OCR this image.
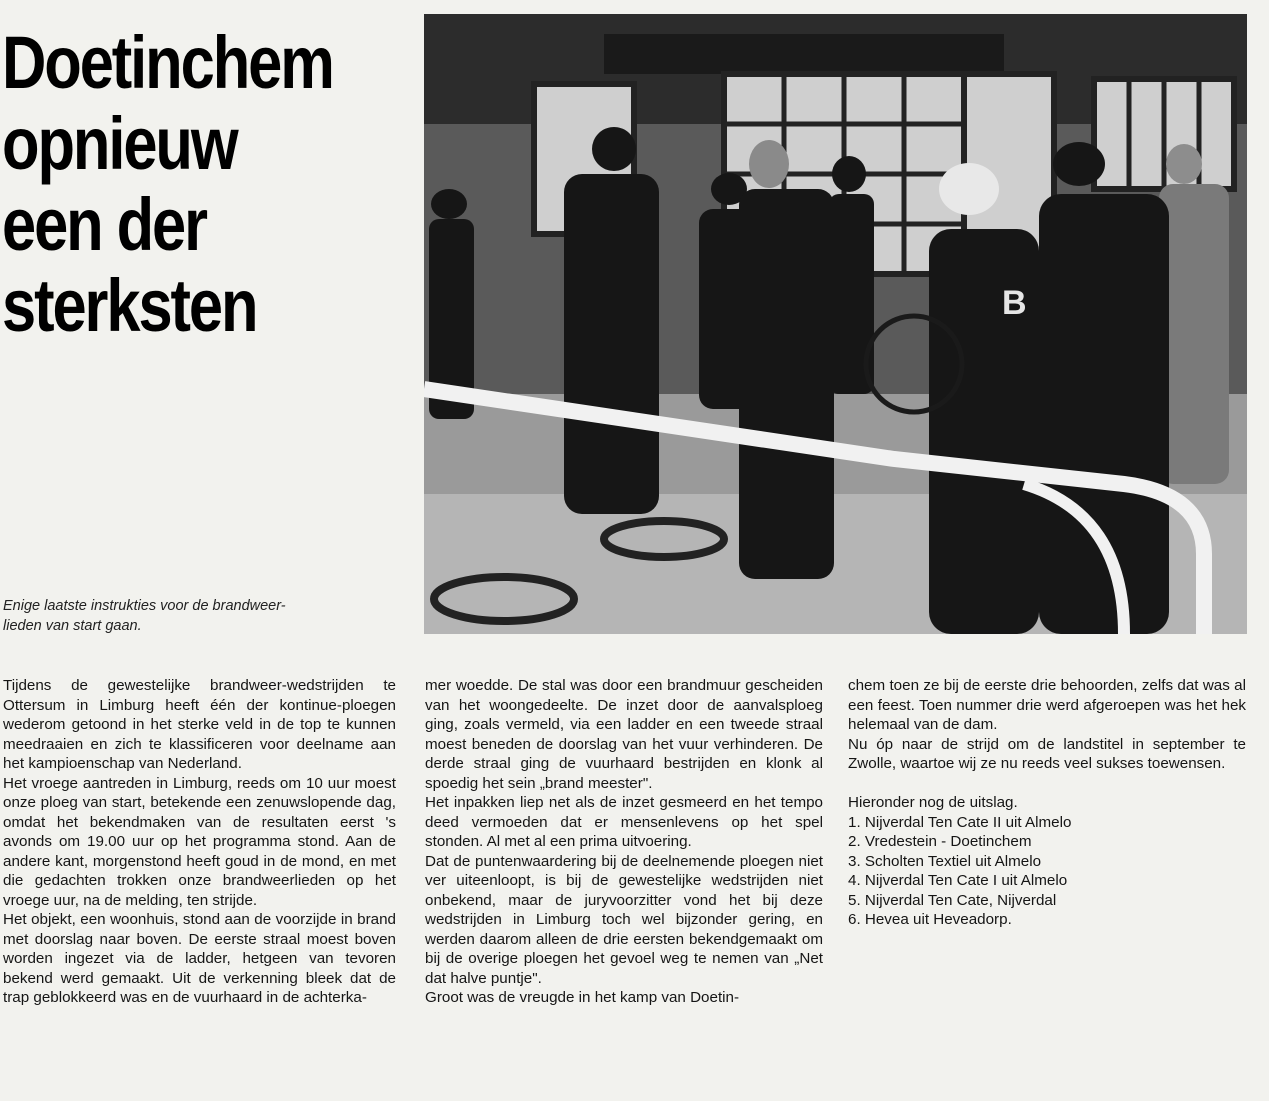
Doetinchem
opnieuw
een der
sterksten	B
Enige laatste instrukties voor de brandweer-
lieden van start gaan.

Tijdens de gewestelijke brandweer-wedstrijden te Ottersum in Limburg heeft één der kontinue-ploegen wederom getoond in het sterke veld in de top te kunnen meedraaien en zich te klassificeren voor deelname aan het kampioenschap van Nederland.

Het vroege aantreden in Limburg, reeds om 10 uur moest onze ploeg van start, betekende een zenuwslopende dag, omdat het bekendmaken van de resultaten eerst 's avonds om 19.00 uur op het programma stond. Aan de andere kant, morgenstond heeft goud in de mond, en met die gedachten trokken onze brandweerlieden op het vroege uur, na de melding, ten strijde.

Het objekt, een woonhuis, stond aan de voorzijde in brand met doorslag naar boven. De eerste straal moest boven worden ingezet via de ladder, hetgeen van tevoren bekend werd gemaakt. Uit de verkenning bleek dat de trap geblokkeerd was en de vuurhaard in de achterka-

mer woedde. De stal was door een brandmuur gescheiden van het woongedeelte. De inzet door de aanvalsploeg ging, zoals vermeld, via een ladder en een tweede straal moest beneden de doorslag van het vuur verhinderen. De derde straal ging de vuurhaard bestrijden en klonk al spoedig het sein „brand meester".

Het inpakken liep net als de inzet gesmeerd en het tempo deed vermoeden dat er mensenlevens op het spel stonden. Al met al een prima uitvoering.

Dat de puntenwaardering bij de deelnemende ploegen niet ver uiteenloopt, is bij de gewestelijke wedstrijden niet onbekend, maar de juryvoorzitter vond het bij deze wedstrijden in Limburg toch wel bijzonder gering, en werden daarom alleen de drie eersten bekendgemaakt om bij de overige ploegen het gevoel weg te nemen van „Net dat halve puntje".

Groot was de vreugde in het kamp van Doetin-

chem toen ze bij de eerste drie behoorden, zelfs dat was al een feest. Toen nummer drie werd afgeroepen was het hek helemaal van de dam.

Nu óp naar de strijd om de landstitel in september te Zwolle, waartoe wij ze nu reeds veel sukses toewensen.

Hieronder nog de uitslag.

1. Nijverdal Ten Cate II uit Almelo
2. Vredestein - Doetinchem
3. Scholten Textiel uit Almelo
4. Nijverdal Ten Cate I uit Almelo
5. Nijverdal Ten Cate, Nijverdal
6. Hevea uit Heveadorp.
